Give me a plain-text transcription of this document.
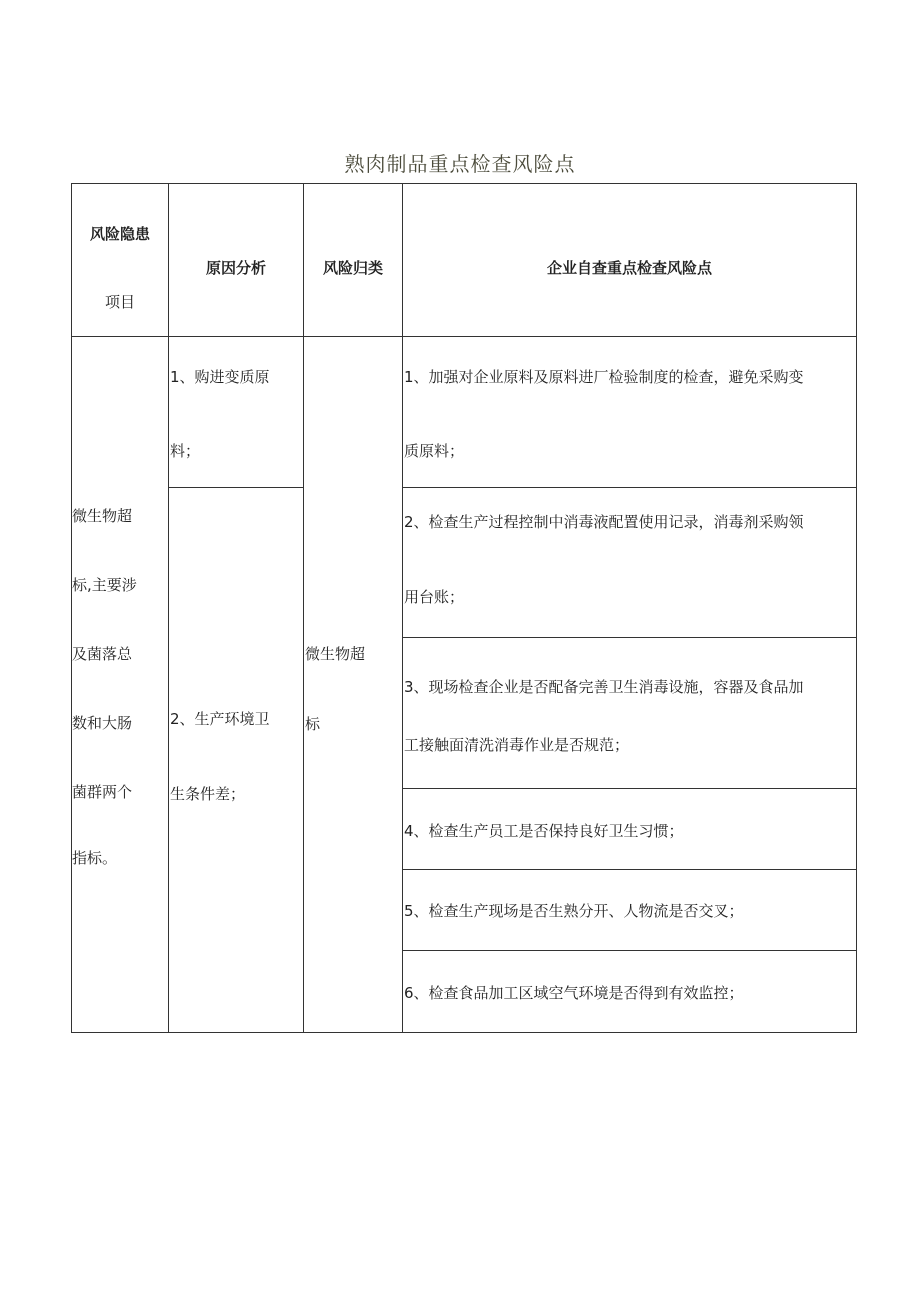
熟肉制品重点检查风险点
风险隐患
项目
原因分析	风险归类	企业自查重点检查风险点
微生物超
标,主要涉
及菌落总
数和大肠
菌群两个
指标。
1、购进变质原
料；
2、生产环境卫
生条件差；
微生物超
标
1、加强对企业原料及原料进厂检验制度的检查，避免采购变
质原料；
2、检查生产过程控制中消毒液配置使用记录，消毒剂采购领
用台账；
3、现场检查企业是否配备完善卫生消毒设施，容器及食品加
工接触面清洗消毒作业是否规范；
4、检查生产员工是否保持良好卫生习惯；
5、检查生产现场是否生熟分开、人物流是否交叉；
6、检查食品加工区域空气环境是否得到有效监控；
